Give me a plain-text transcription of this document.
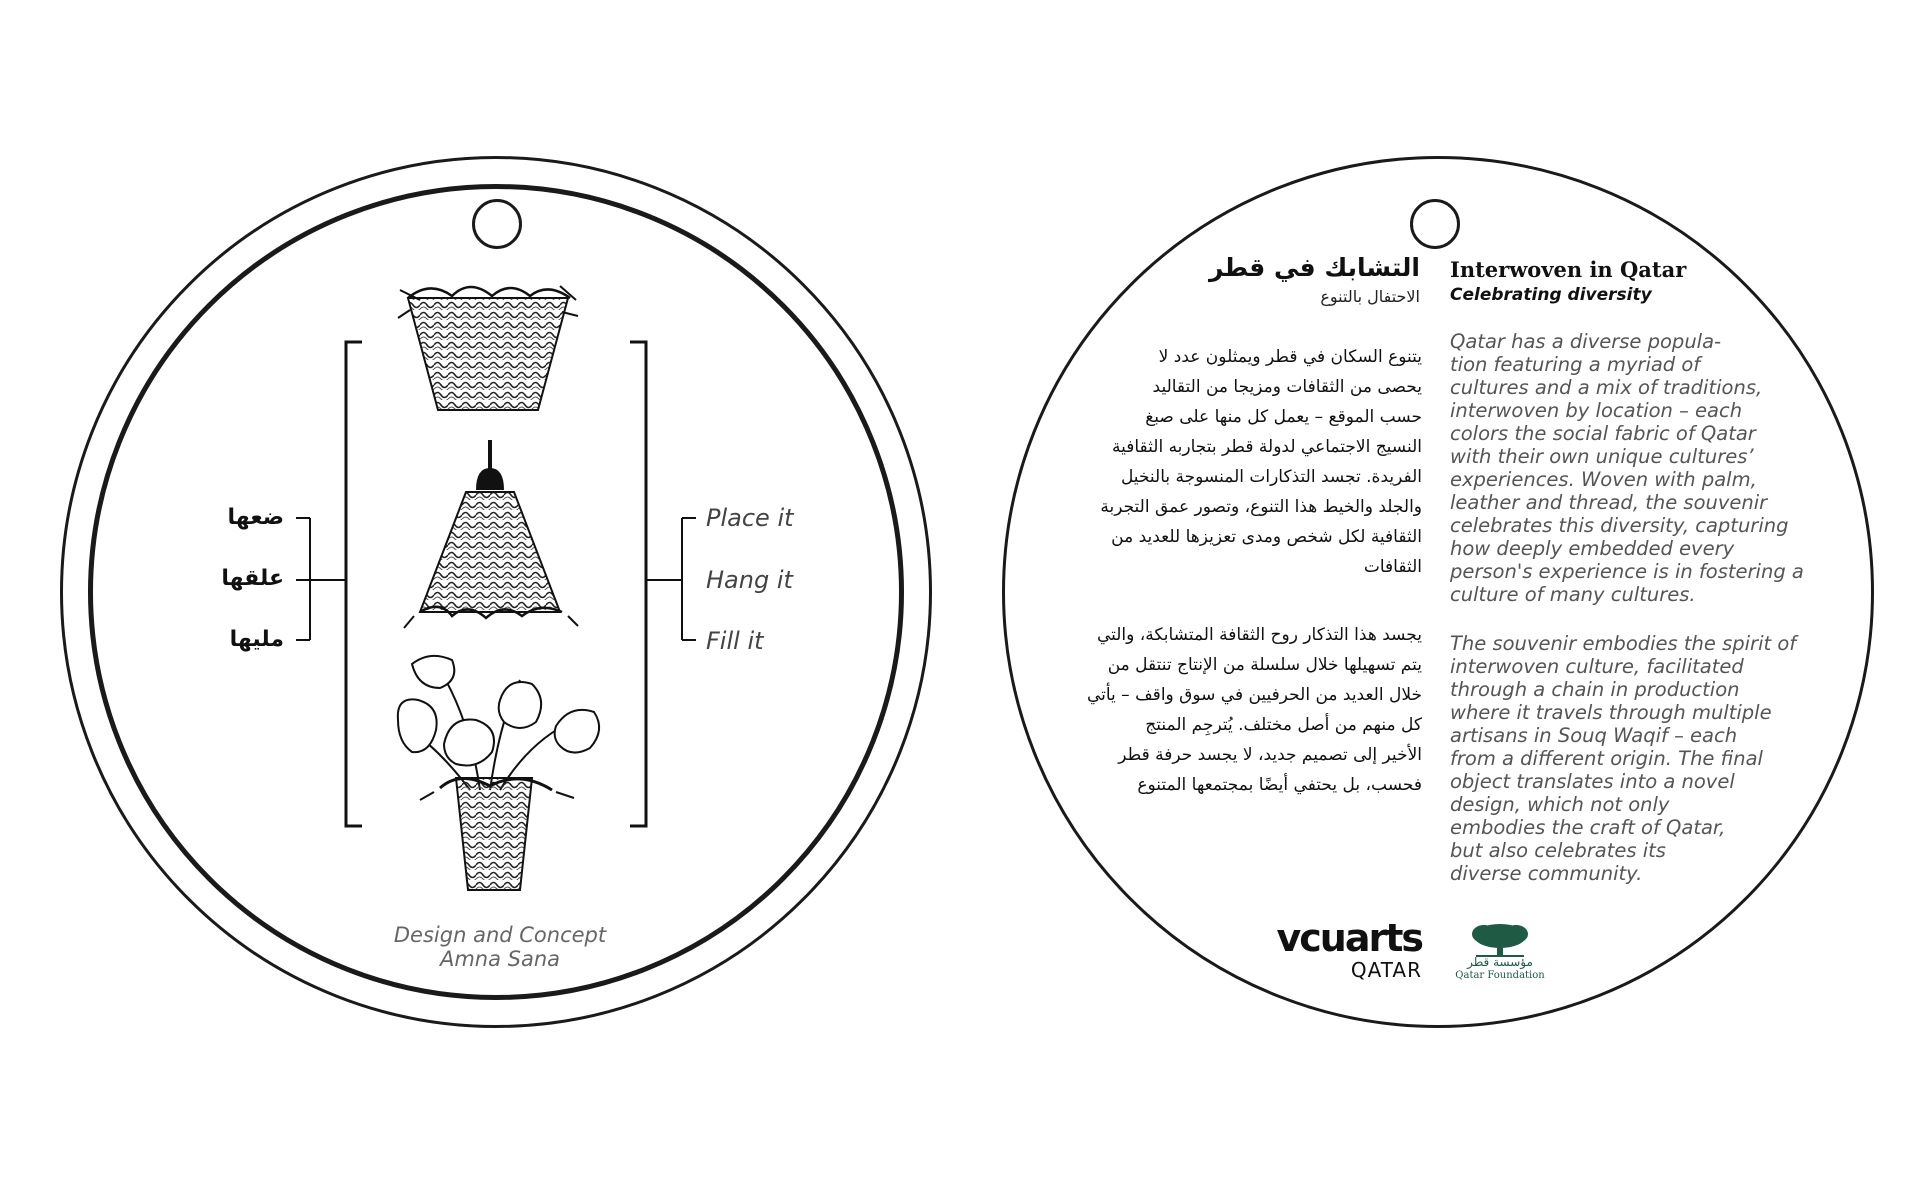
ضعها
علقها
مليها
Place it
Hang it
Fill it
Design and Concept
Amna Sana
التشابك في قطر
الاحتفال بالتنوع
يتنوع السكان في قطر ويمثلون عدد لا
يحصى من الثقافات ومزيجا من التقاليد
حسب الموقع – يعمل كل منها على صبغ
النسيج الاجتماعي لدولة قطر بتجاربه الثقافية
الفريدة. تجسد التذكارات المنسوجة بالنخيل
والجلد والخيط هذا التنوع، وتصور عمق التجربة
الثقافية لكل شخص ومدى تعزيزها للعديد من
الثقافات
يجسد هذا التذكار روح الثقافة المتشابكة، والتي
يتم تسهيلها خلال سلسلة من الإنتاج تنتقل من
خلال العديد من الحرفيين في سوق واقف – يأتي
كل منهم من أصل مختلف. يُترجِم المنتج
الأخير إلى تصميم جديد، لا يجسد حرفة قطر
فحسب، بل يحتفي أيضًا بمجتمعها المتنوع
Interwoven in Qatar
Celebrating diversity
Qatar has a diverse popula-
tion featuring a myriad of
cultures and a mix of traditions,
interwoven by location – each
colors the social fabric of Qatar
with their own unique cultures’
experiences. Woven with palm,
leather and thread, the souvenir
celebrates this diversity, capturing
how deeply embedded every
person's experience is in fostering a
culture of many cultures.
The souvenir embodies the spirit of
interwoven culture, facilitated
through a chain in production
where it travels through multiple
artisans in Souq Waqif – each
from a different origin. The final
object translates into a novel
design, which not only
embodies the craft of Qatar,
but also celebrates its
diverse community.
vcuarts
QATAR	مؤسسة قطر
Qatar Foundation
